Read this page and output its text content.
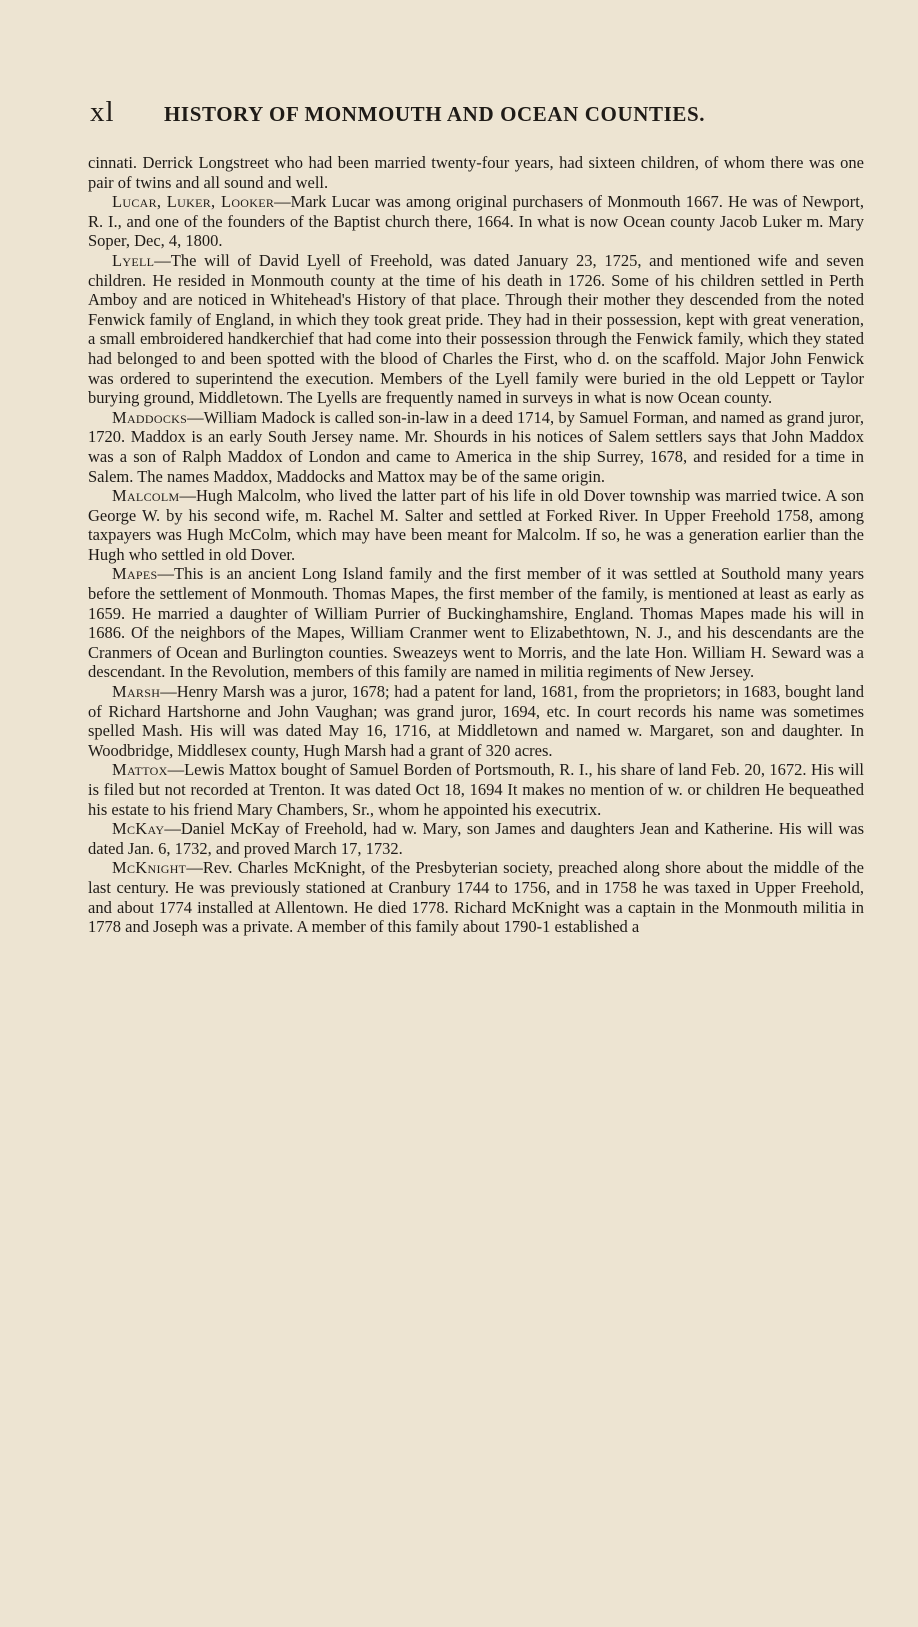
xl	HISTORY OF MONMOUTH AND OCEAN COUNTIES.

cinnati. Derrick Longstreet who had been married twenty-four years, had sixteen children, of whom there was one pair of twins and all sound and well.

Lucar, Luker, Looker—Mark Lucar was among original purchasers of Monmouth 1667. He was of Newport, R. I., and one of the founders of the Baptist church there, 1664. In what is now Ocean county Jacob Luker m. Mary Soper, Dec, 4, 1800.

Lyell—The will of David Lyell of Freehold, was dated January 23, 1725, and mentioned wife and seven children. He resided in Monmouth county at the time of his death in 1726. Some of his children settled in Perth Amboy and are noticed in Whitehead's History of that place. Through their mother they descended from the noted Fenwick family of England, in which they took great pride. They had in their possession, kept with great veneration, a small embroidered handkerchief that had come into their possession through the Fenwick family, which they stated had belonged to and been spotted with the blood of Charles the First, who d. on the scaffold. Major John Fenwick was ordered to superintend the execution. Members of the Lyell family were buried in the old Leppett or Taylor burying ground, Middletown. The Lyells are frequently named in surveys in what is now Ocean county.

Maddocks—William Madock is called son-in-law in a deed 1714, by Samuel Forman, and named as grand juror, 1720. Maddox is an early South Jersey name. Mr. Shourds in his notices of Salem settlers says that John Maddox was a son of Ralph Maddox of London and came to America in the ship Surrey, 1678, and resided for a time in Salem. The names Maddox, Maddocks and Mattox may be of the same origin.

Malcolm—Hugh Malcolm, who lived the latter part of his life in old Dover township was married twice. A son George W. by his second wife, m. Rachel M. Salter and settled at Forked River. In Upper Freehold 1758, among taxpayers was Hugh McColm, which may have been meant for Malcolm. If so, he was a generation earlier than the Hugh who settled in old Dover.

Mapes—This is an ancient Long Island family and the first member of it was settled at Southold many years before the settlement of Monmouth. Thomas Mapes, the first member of the family, is mentioned at least as early as 1659. He married a daughter of William Purrier of Buckinghamshire, England. Thomas Mapes made his will in 1686. Of the neighbors of the Mapes, William Cranmer went to Elizabethtown, N. J., and his descendants are the Cranmers of Ocean and Burlington counties. Sweazeys went to Morris, and the late Hon. William H. Seward was a descendant. In the Revolution, members of this family are named in militia regiments of New Jersey.

Marsh—Henry Marsh was a juror, 1678; had a patent for land, 1681, from the proprietors; in 1683, bought land of Richard Hartshorne and John Vaughan; was grand juror, 1694, etc. In court records his name was sometimes spelled Mash. His will was dated May 16, 1716, at Middletown and named w. Margaret, son and daughter. In Woodbridge, Middlesex county, Hugh Marsh had a grant of 320 acres.

Mattox—Lewis Mattox bought of Samuel Borden of Portsmouth, R. I., his share of land Feb. 20, 1672. His will is filed but not recorded at Trenton. It was dated Oct 18, 1694 It makes no mention of w. or children He bequeathed his estate to his friend Mary Chambers, Sr., whom he appointed his executrix.

McKay—Daniel McKay of Freehold, had w. Mary, son James and daughters Jean and Katherine. His will was dated Jan. 6, 1732, and proved March 17, 1732.

McKnight—Rev. Charles McKnight, of the Presbyterian society, preached along shore about the middle of the last century. He was previously stationed at Cranbury 1744 to 1756, and in 1758 he was taxed in Upper Freehold, and about 1774 installed at Allentown. He died 1778. Richard McKnight was a captain in the Monmouth militia in 1778 and Joseph was a private. A member of this family about 1790-1 established a
